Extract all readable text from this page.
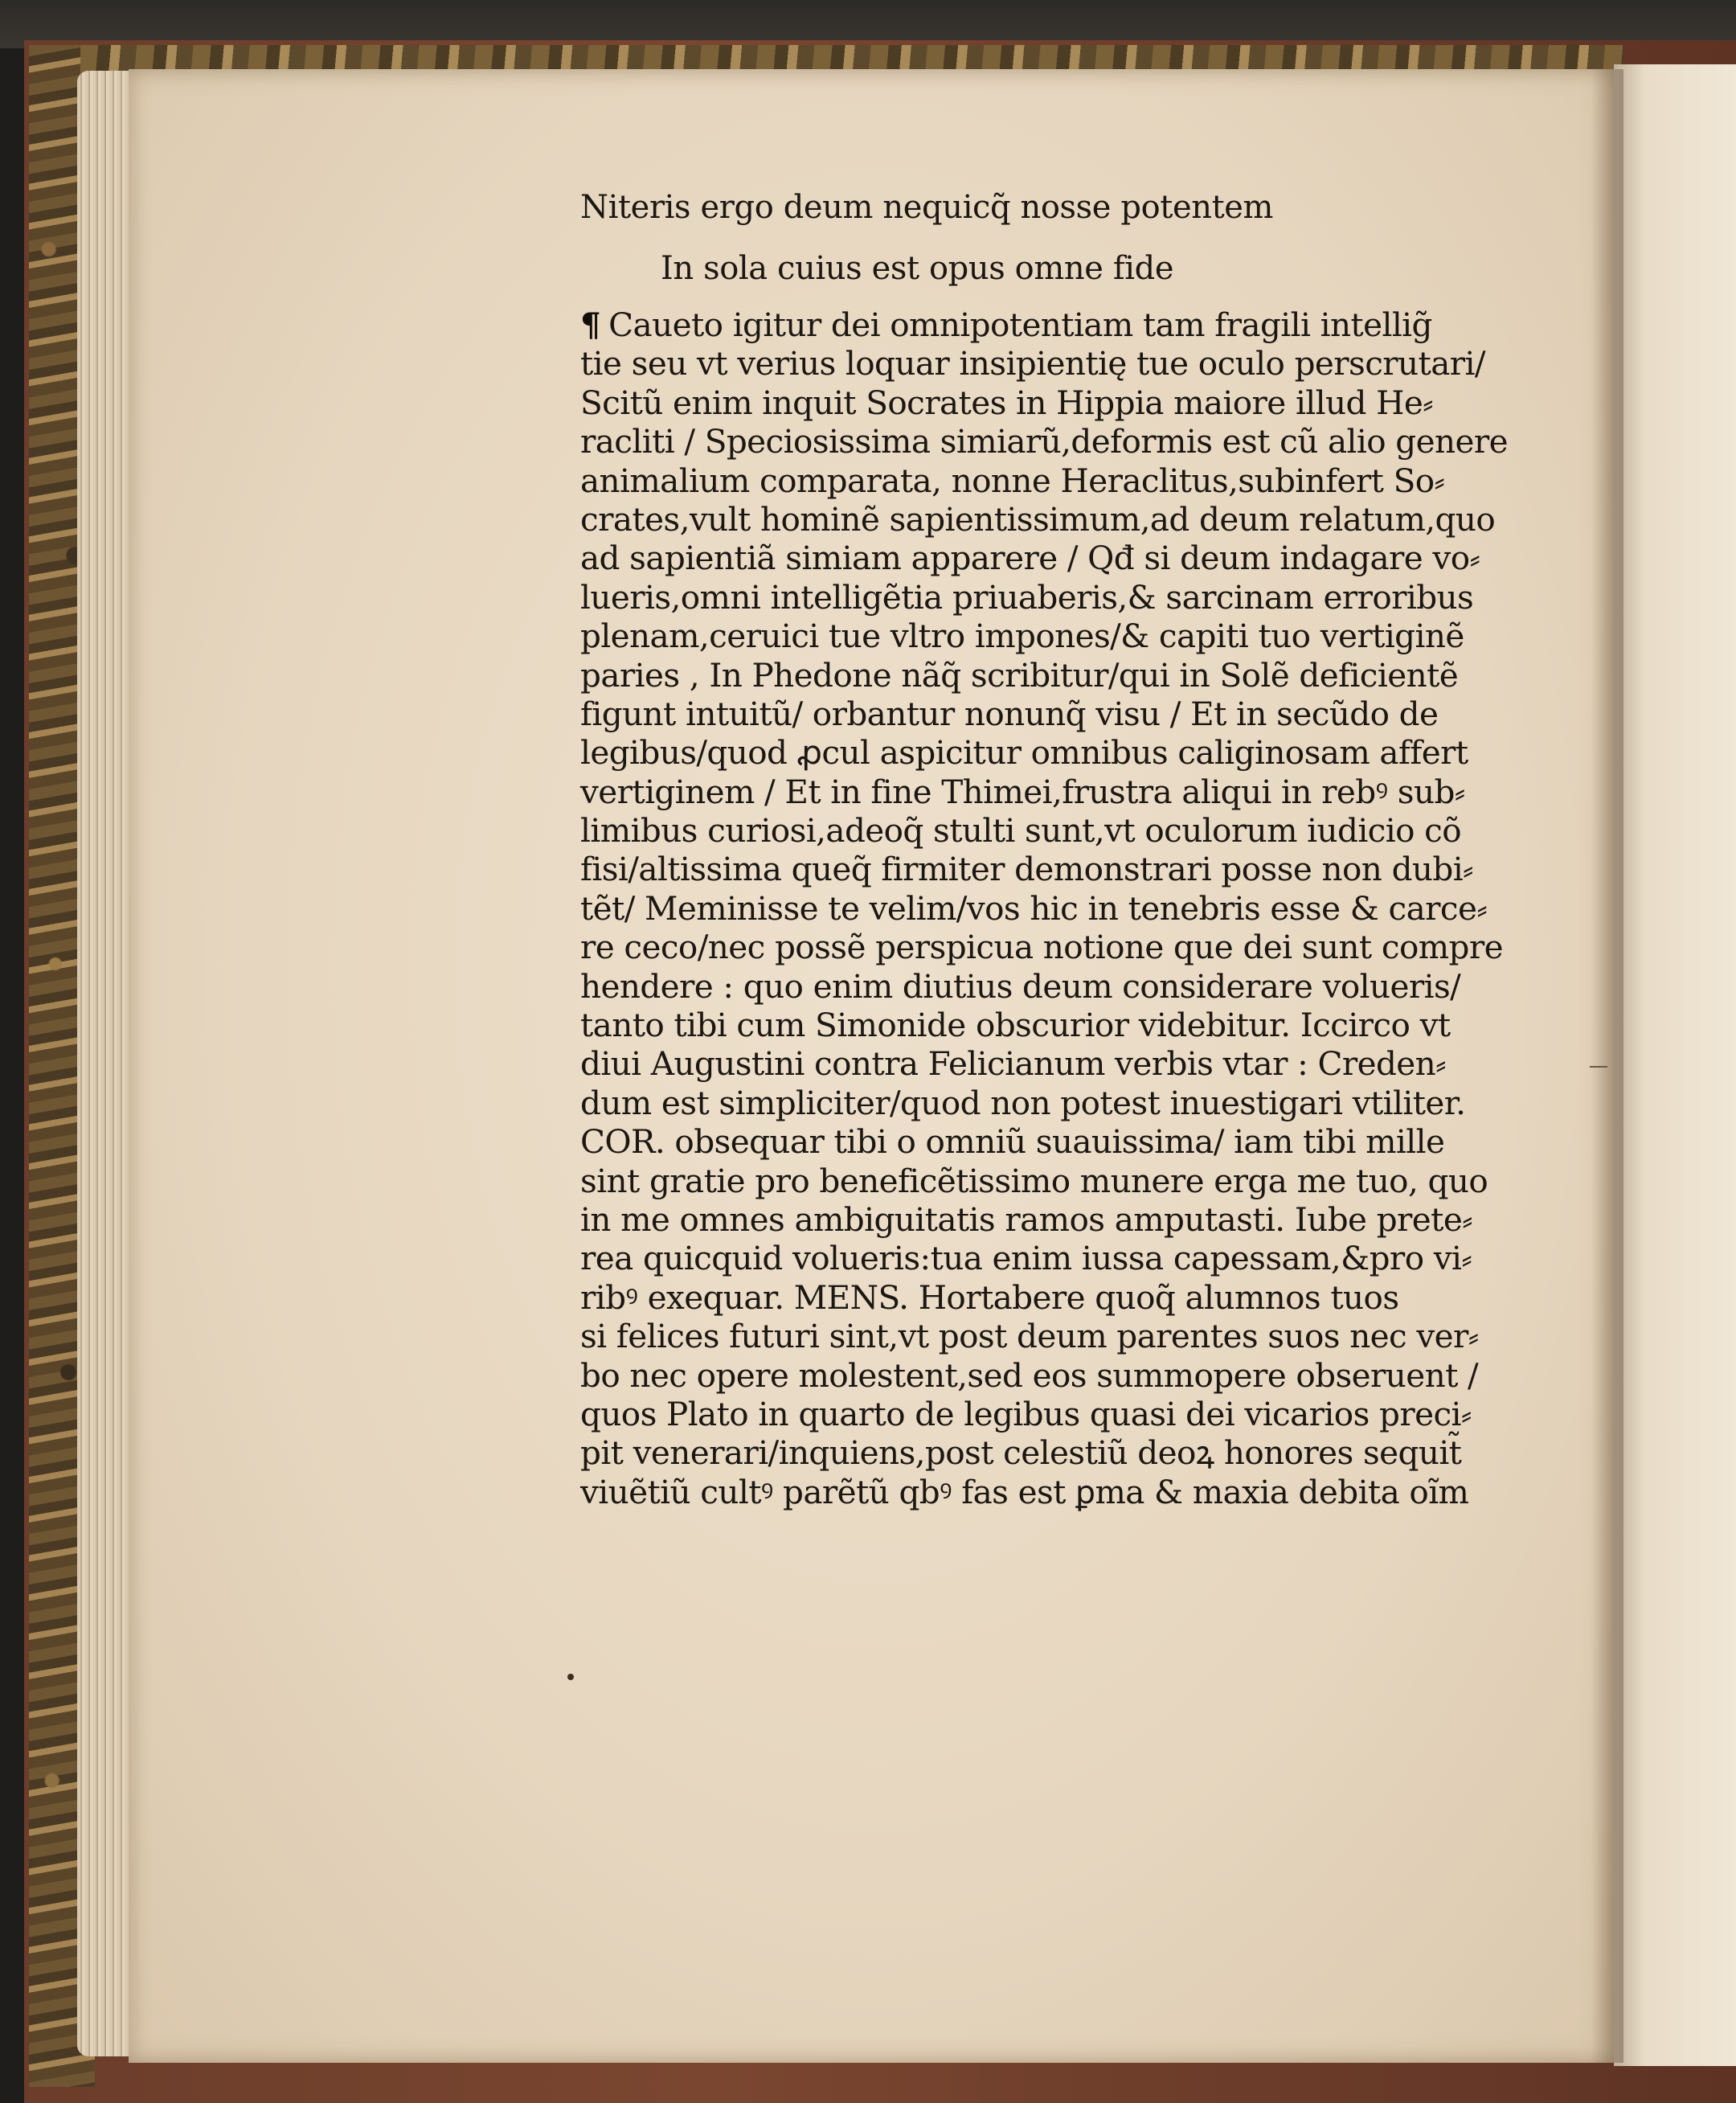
Niteris ergo deum nequicq̃ nosse potentem
In sola cuius est opus omne fide
¶ Caueto igitur dei omnipotentiam tam fragili intellig̃
tie seu vt verius loquar insipientię tue oculo perscrutari/
Scitũ enim inquit Socrates in Hippia maiore illud He⸗
racliti / Speciosissima simiarũ,deformis est cũ alio genere
animalium comparata, nonne Heraclitus,subinfert So⸗
crates,vult hominẽ sapientissimum,ad deum relatum,quo
ad sapientiã simiam apparere / Qđ si deum indagare vo⸗
lueris,omni intelligẽtia priuaberis,& sarcinam erroribus
plenam,ceruici tue vltro impones/& capiti tuo vertiginẽ
paries , In Phedone nãq̃ scribitur/qui in Solẽ deficientẽ
figunt intuitũ/ orbantur nonunq̃ visu / Et in secũdo de
legibus/quod ꝓcul aspicitur omnibus caliginosam affert
vertiginem / Et in fine Thimei,frustra aliqui in rebꝰ sub⸗
limibus curiosi,adeoq̃ stulti sunt,vt oculorum iudicio cõ
fisi/altissima queq̃ firmiter demonstrari posse non dubi⸗
tẽt/ Meminisse te velim/vos hic in tenebris esse & carce⸗
re ceco/nec possẽ perspicua notione que dei sunt compre
hendere : quo enim diutius deum considerare volueris/
tanto tibi cum Simonide obscurior videbitur. Iccirco vt
diui Augustini contra Felicianum verbis vtar : Creden⸗
dum est simpliciter/quod non potest inuestigari vtiliter.
COR. obsequar tibi o omniũ suauissima/ iam tibi mille
sint gratie pro beneficẽtissimo munere erga me tuo, quo
in me omnes ambiguitatis ramos amputasti. Iube prete⸗
rea quicquid volueris:tua enim iussa capessam,&pro vi⸗
ribꝰ exequar. MENS. Hortabere quoq̃ alumnos tuos
si felices futuri sint,vt post deum parentes suos nec ver⸗
bo nec opere molestent,sed eos summopere obseruent /
quos Plato in quarto de legibus quasi dei vicarios preci⸗
pit venerari/inquiens,post celestiũ deoꝝ honores sequit̃
viuẽtiũ cultꝰ parẽtũ qbꝰ fas est ꝑma & maxia debita oĩm
